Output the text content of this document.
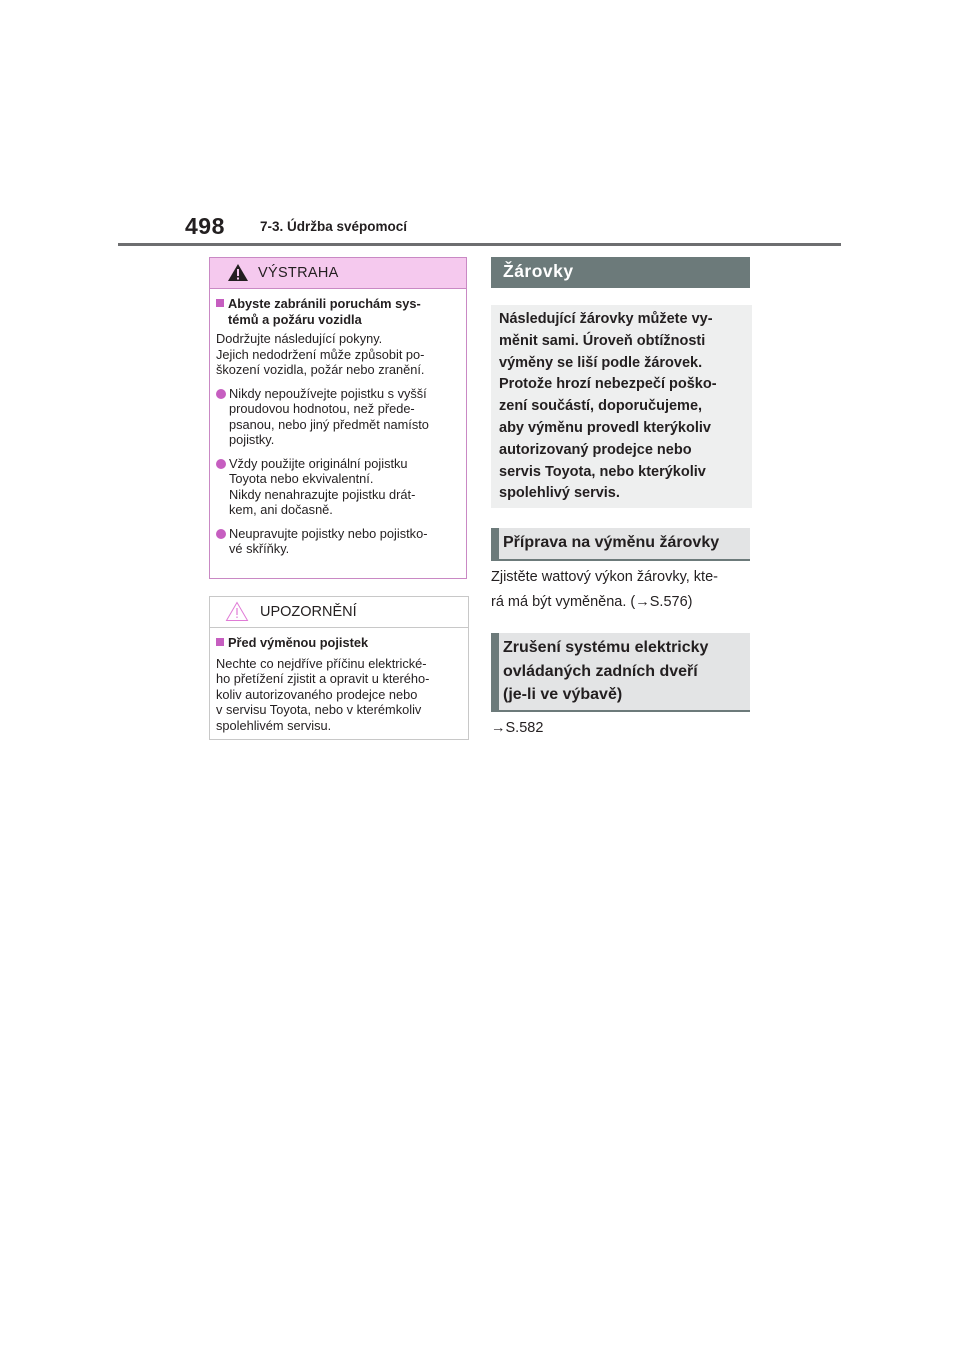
498	7-3. Údržba svépomocí
VÝSTRAHA
Abyste zabránili poruchám sys-
témů a požáru vozidla
Dodržujte následující pokyny.
Jejich nedodržení může způsobit po-
škození vozidla, požár nebo zranění.
Nikdy nepoužívejte pojistku s vyšší
proudovou hodnotou, než přede-
psanou, nebo jiný předmět namísto
pojistky.
Vždy použijte originální pojistku
Toyota nebo ekvivalentní.
Nikdy nenahrazujte pojistku drát-
kem, ani dočasně.
Neupravujte pojistky nebo pojistko-
vé skříňky.
UPOZORNĚNÍ
Před výměnou pojistek
Nechte co nejdříve příčinu elektrické-
ho přetížení zjistit a opravit u kterého-
koliv autorizovaného prodejce nebo
v servisu Toyota, nebo v kterémkoliv
spolehlivém servisu.
Žárovky
Následující žárovky můžete vy-
měnit sami. Úroveň obtížnosti
výměny se liší podle žárovek.
Protože hrozí nebezpečí poško-
zení součástí, doporučujeme,
aby výměnu provedl kterýkoliv
autorizovaný prodejce nebo
servis Toyota, nebo kterýkoliv
spolehlivý servis.
Příprava na výměnu žárovky
Zjistěte wattový výkon žárovky, kte-
rá má být vyměněna. (→S.576)
Zrušení systému elektricky
ovládaných zadních dveří
(je-li ve výbavě)
→S.582
